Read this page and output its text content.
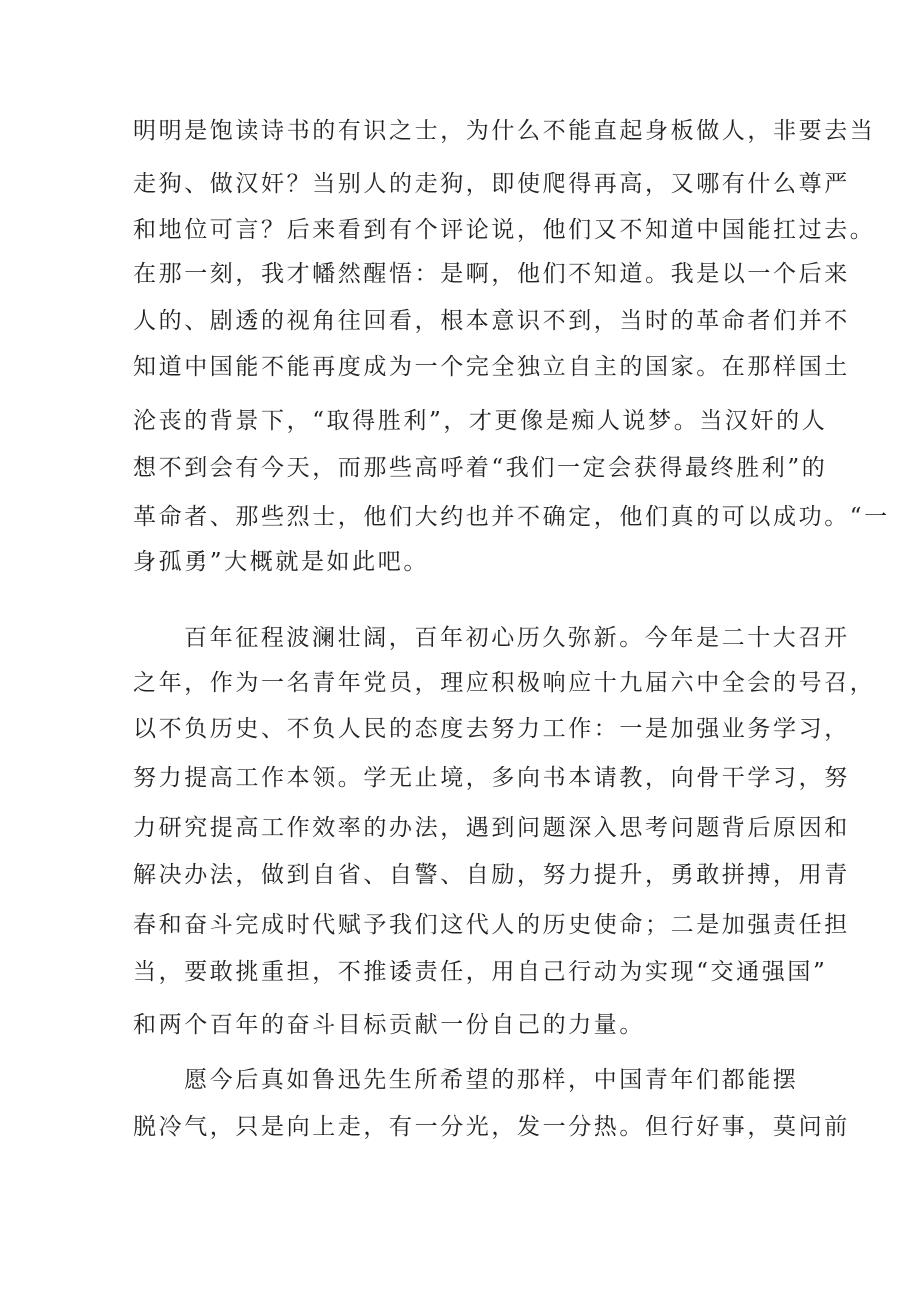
明明是饱读诗书的有识之士，为什么不能直起身板做人，非要去当
走狗、做汉奸？当别人的走狗，即使爬得再高，又哪有什么尊严
和地位可言？后来看到有个评论说，他们又不知道中国能扛过去。
在那一刻，我才幡然醒悟：是啊，他们不知道。我是以一个后来
人的、剧透的视角往回看，根本意识不到，当时的革命者们并不
知道中国能不能再度成为一个完全独立自主的国家。在那样国土
沦丧的背景下，“取得胜利”，才更像是痴人说梦。当汉奸的人
想不到会有今天，而那些高呼着“我们一定会获得最终胜利”的
革命者、那些烈士，他们大约也并不确定，他们真的可以成功。“一
身孤勇”大概就是如此吧。
百年征程波澜壮阔，百年初心历久弥新。今年是二十大召开
之年，作为一名青年党员，理应积极响应十九届六中全会的号召，
以不负历史、不负人民的态度去努力工作：一是加强业务学习，
努力提高工作本领。学无止境，多向书本请教，向骨干学习，努
力研究提高工作效率的办法，遇到问题深入思考问题背后原因和
解决办法，做到自省、自警、自励，努力提升，勇敢拼搏，用青
春和奋斗完成时代赋予我们这代人的历史使命；二是加强责任担
当，要敢挑重担，不推诿责任，用自己行动为实现“交通强国”
和两个百年的奋斗目标贡献一份自己的力量。
愿今后真如鲁迅先生所希望的那样，中国青年们都能摆
脱冷气，只是向上走，有一分光，发一分热。但行好事，莫问前
